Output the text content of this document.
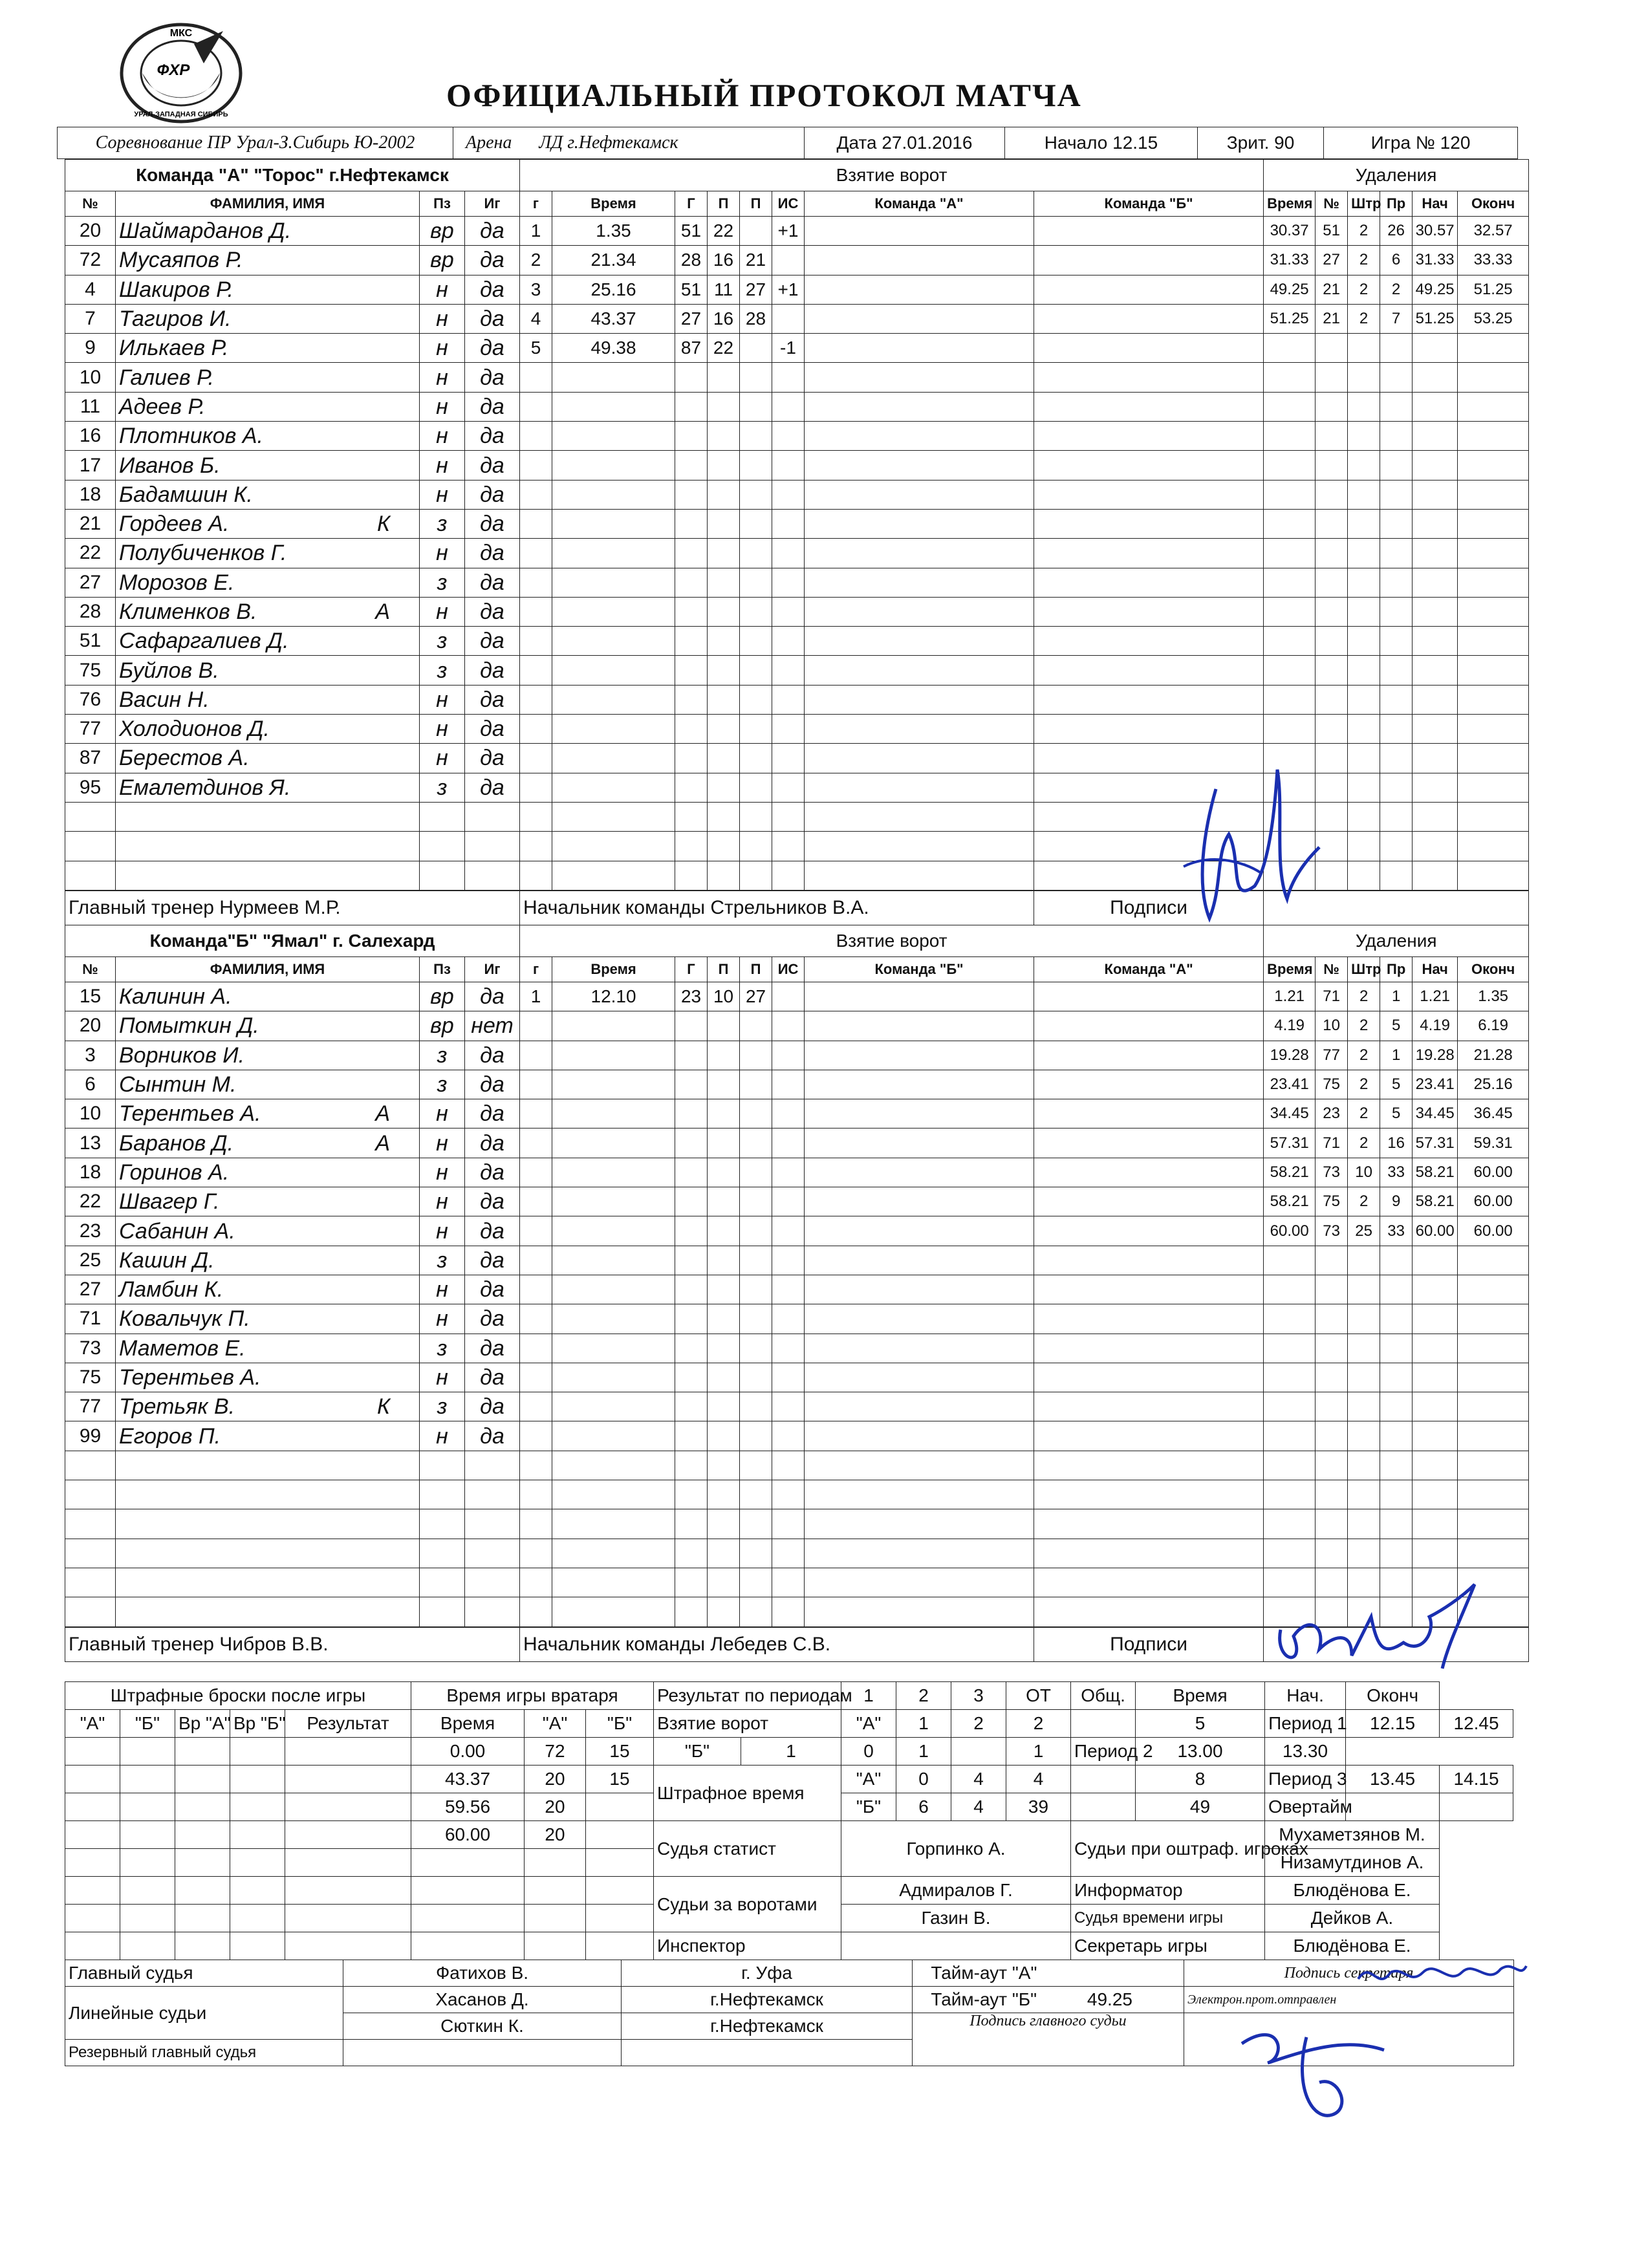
МКС
ФХР
УРАЛ-ЗАПАДНАЯ СИБИРЬ
ОФИЦИАЛЬНЫЙ ПРОТОКОЛ МАТЧА
Соревнование ПР Урал-З.Сибирь Ю-2002	Арена ЛД г.Нефтекамск	Дата 27.01.2016	Начало 12.15	Зрит. 90	Игра № 120
Команда "А" "Торос" г.Нефтекамск				Взятие ворот								Удаления					
№	ФАМИЛИЯ, ИМЯ	Пз	Иг	г	Время	Г	П	П	ИС	Команда "А"	Команда "Б"	Время	№	Штр	Пр	Нач	Оконч
20	Шаймарданов Д.	вр	да	1	1.35	51	22		+1			30.37	51	2	26	30.57	32.57
72	Мусаяпов Р.	вр	да	2	21.34	28	16	21				31.33	27	2	6	31.33	33.33
4	Шакиров Р.	н	да	3	25.16	51	11	27	+1			49.25	21	2	2	49.25	51.25
7	Тагиров И.	н	да	4	43.37	27	16	28				51.25	21	2	7	51.25	53.25
9	Илькаев Р.	н	да	5	49.38	87	22		-1								
10	Галиев Р.	н	да														
11	Адеев Р.	н	да														
16	Плотников А.	н	да														
17	Иванов Б.	н	да														
18	Бадамшин К.	н	да														
21	Гордеев А. К	з	да														
22	Полубиченков Г.	н	да														
27	Морозов Е.	з	да														
28	Клименков В. А	н	да														
51	Сафаргалиев Д.	з	да														
75	Буйлов В.	з	да														
76	Васин Н.	н	да														
77	Холодионов Д.	н	да														
87	Берестов А.	н	да														
95	Емалетдинов Я.	з	да														

Главный тренер Нурмеев М.Р.				Начальник команды Стрельников В.А.							Подписи						
Команда"Б" "Ямал" г. Салехард				Взятие ворот								Удаления					
№	ФАМИЛИЯ, ИМЯ	Пз	Иг	г	Время	Г	П	П	ИС	Команда "Б"	Команда "А"	Время	№	Штр	Пр	Нач	Оконч
15	Калинин А.	вр	да	1	12.10	23	10	27				1.21	71	2	1	1.21	1.35
20	Помыткин Д.	вр	нет									4.19	10	2	5	4.19	6.19
3	Ворников И.	з	да									19.28	77	2	1	19.28	21.28
6	Сынтин М.	з	да									23.41	75	2	5	23.41	25.16
10	Терентьев А. А	н	да									34.45	23	2	5	34.45	36.45
13	Баранов Д. А	н	да									57.31	71	2	16	57.31	59.31
18	Горинов А.	н	да									58.21	73	10	33	58.21	60.00
22	Швагер Г.	н	да									58.21	75	2	9	58.21	60.00
23	Сабанин А.	н	да									60.00	73	25	33	60.00	60.00
25	Кашин Д.	з	да														
27	Ламбин К.	н	да														
71	Ковальчук П.	н	да														
73	Маметов Е.	з	да														
75	Терентьев А.	н	да														
77	Третьяк В. К	з	да														
99	Егоров П.	н	да														

Главный тренер Чибров В.В.				Начальник команды Лебедев С.В.							Подписи						
Штрафные броски после игры					Время игры вратаря			Результат по периодам	1	2	3	ОТ	Общ.	Время	Нач.	Оконч	
"А"	"Б"	Вр "А"	Вр "Б"	Результат	Время	"А"	"Б"	Взятие ворот	"А"	1	2	2		5	Период 1	12.15	12.45
					0.00	72	15	"Б"	1	0	1		1	Период 2	13.00	13.30		
					43.37	20	15	Штрафное время		"А"	0	4	4		8	Период 3	13.45	14.15
					59.56	20				"Б"	6	4	39		49	Овертайм		
					60.00	20		Судья статист		Горпинко А.				Судьи при оштраф. игроках		Мухаметзянов М.		
																Низамутдинов А.		
								Судьи за воротами		Адмиралов Г.				Информатор		Блюдёнова Е.		
										Газин В.				Судья времени игры		Дейков А.		
								Инспектор						Секретарь игры		Блюдёнова Е.		
Главный судья	Фатихов В.	г. Уфа	Тайм-аут "А"	Подпись секретаря
Линейные судьи	Хасанов Д.	г.Нефтекамск	Тайм-аут "Б" 49.25	Электрон.прот.отправлен
	Сюткин К.	г.Нефтекамск	Подпись главного судьи	
Резервный главный судья				
